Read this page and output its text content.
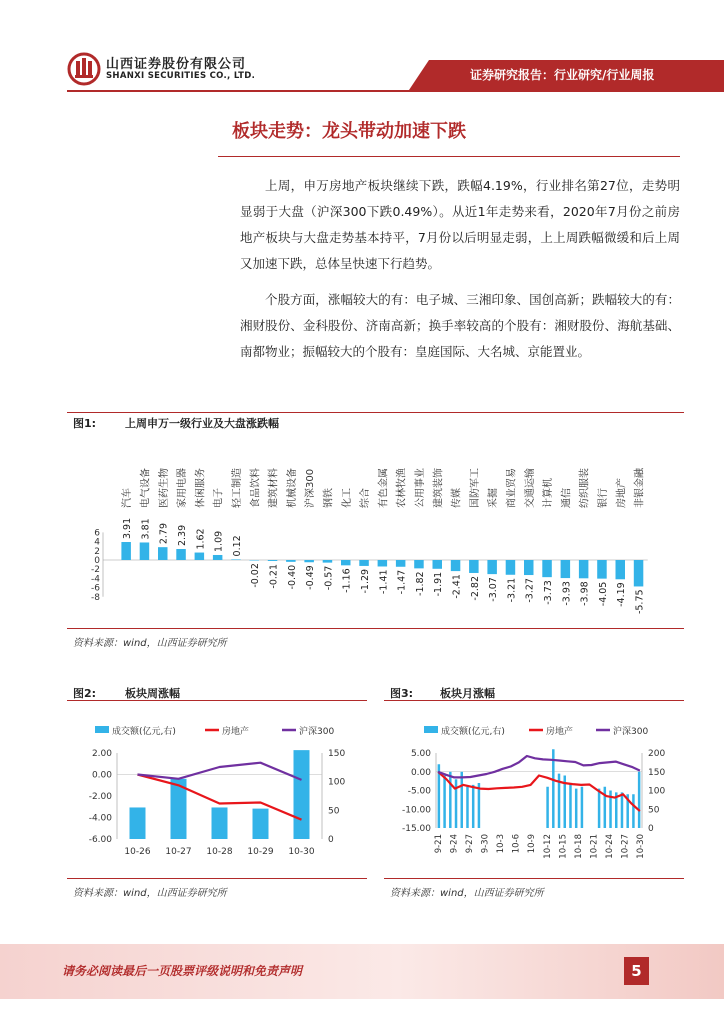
山西证券股份有限公司
SHANXI SECURITIES CO., LTD.	证券研究报告：行业研究/行业周报
板块走势：龙头带动加速下跌

上周，申万房地产板块继续下跌，跌幅4.19%，行业排名第27位，走势明显弱于大盘（沪深300下跌0.49%）。从近1年走势来看，2020年7月份之前房地产板块与大盘走势基本持平，7月份以后明显走弱，上上周跌幅微缓和后上周又加速下跌，总体呈快速下行趋势。

个股方面，涨幅较大的有：电子城、三湘印象、国创高新；跌幅较大的有：湘财股份、金科股份、济南高新；换手率较高的个股有：湘财股份、海航基础、南都物业；振幅较大的个股有：皇庭国际、大名城、京能置业。

图1:	上周申万一级行业及大盘涨跌幅
6
4
2
0
-2
-4
-6
-8
汽车
3.91
电气设备
3.81
医药生物
2.79
家用电器
2.39
休闲服务
1.62
电子
1.09
轻工制造
0.12
食品饮料
-0.02
建筑材料
-0.21
机械设备
-0.40
沪深300
-0.49
钢铁
-0.57
化工
-1.16
综合
-1.29
有色金属
-1.41
农林牧渔
-1.47
公用事业
-1.82
建筑装饰
-1.91
传媒
-2.41
国防军工
-2.82
采掘
-3.07
商业贸易
-3.21
交通运输
-3.27
计算机
-3.73
通信
-3.93
纺织服装
-3.98
银行
-4.05
房地产
-4.19
非银金融
-5.75
资料来源：wind，山西证券研究所
图2:	板块周涨幅
成交额(亿元,右)	房地产	沪深300
2.00
0.00
-2.00
-4.00
-6.00
150
100
50
0
10-26 10-27 10-28 10-29 10-30
资料来源：wind，山西证券研究所
图3: 板块月涨幅
成交额(亿元,右)	房地产	沪深300
5.00
0.00
-5.00
-10.00
-15.00
200
150
100
50
0
9-21 9-24 9-27 9-30 10-3 10-6 10-9 10-12 10-15 10-18 10-21 10-24 10-27 10-30
资料来源：wind，山西证券研究所
请务必阅读最后一页股票评级说明和免责声明	5
